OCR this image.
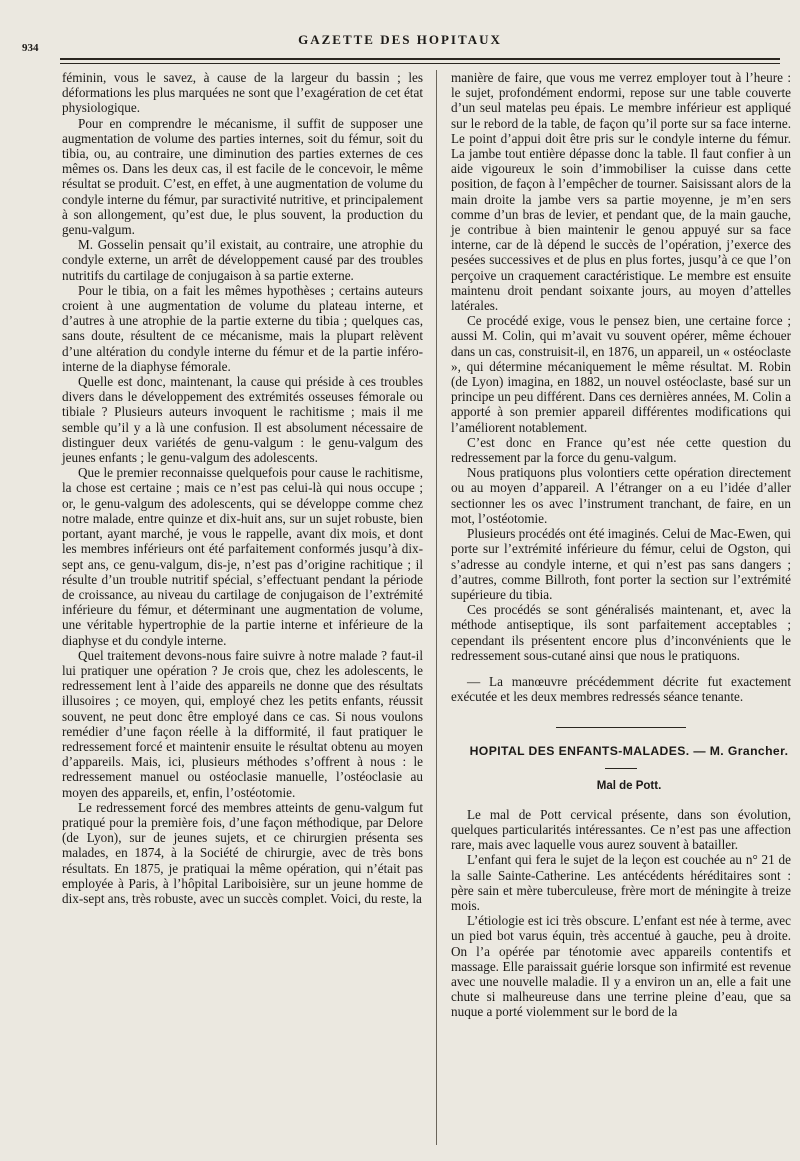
934
GAZETTE DES HOPITAUX

féminin, vous le savez, à cause de la largeur du bassin ; les déformations les plus marquées ne sont que l’exagération de cet état physiologique.

Pour en comprendre le mécanisme, il suffit de supposer une augmentation de volume des parties internes, soit du fémur, soit du tibia, ou, au contraire, une diminution des parties externes de ces mêmes os. Dans les deux cas, il est facile de le concevoir, le même résultat se produit. C’est, en effet, à une augmentation de volume du condyle interne du fémur, par suractivité nutritive, et principalement à son allongement, qu’est due, le plus souvent, la production du genu-valgum.

M. Gosselin pensait qu’il existait, au contraire, une atrophie du condyle externe, un arrêt de développement causé par des troubles nutritifs du cartilage de conjugaison à sa partie externe.

Pour le tibia, on a fait les mêmes hypothèses ; certains auteurs croient à une augmentation de volume du plateau interne, et d’autres à une atrophie de la partie externe du tibia ; quelques cas, sans doute, résultent de ce mécanisme, mais la plupart relèvent d’une altération du condyle interne du fémur et de la partie inféro-interne de la diaphyse fémorale.

Quelle est donc, maintenant, la cause qui préside à ces troubles divers dans le développement des extrémités osseuses fémorale ou tibiale ? Plusieurs auteurs invoquent le rachitisme ; mais il me semble qu’il y a là une confusion. Il est absolument nécessaire de distinguer deux variétés de genu-valgum : le genu-valgum des jeunes enfants ; le genu-valgum des adolescents.

Que le premier reconnaisse quelquefois pour cause le rachitisme, la chose est certaine ; mais ce n’est pas celui-là qui nous occupe ; or, le genu-valgum des adolescents, qui se développe comme chez notre malade, entre quinze et dix-huit ans, sur un sujet robuste, bien portant, ayant marché, je vous le rappelle, avant dix mois, et dont les membres inférieurs ont été parfaitement conformés jusqu’à dix-sept ans, ce genu-valgum, dis-je, n’est pas d’origine rachitique ; il résulte d’un trouble nutritif spécial, s’effectuant pendant la période de croissance, au niveau du cartilage de conjugaison de l’extrémité inférieure du fémur, et déterminant une augmentation de volume, une véritable hypertrophie de la partie interne et inférieure de la diaphyse et du condyle interne.

Quel traitement devons-nous faire suivre à notre malade ? faut-il lui pratiquer une opération ? Je crois que, chez les adolescents, le redressement lent à l’aide des appareils ne donne que des résultats illusoires ; ce moyen, qui, employé chez les petits enfants, réussit souvent, ne peut donc être employé dans ce cas. Si nous voulons remédier d’une façon réelle à la difformité, il faut pratiquer le redressement forcé et maintenir ensuite le résultat obtenu au moyen d’appareils. Mais, ici, plusieurs méthodes s’offrent à nous : le redressement manuel ou ostéoclasie manuelle, l’ostéoclasie au moyen des appareils, et, enfin, l’ostéotomie.

Le redressement forcé des membres atteints de genu-valgum fut pratiqué pour la première fois, d’une façon méthodique, par Delore (de Lyon), sur de jeunes sujets, et ce chirurgien présenta ses malades, en 1874, à la Société de chirurgie, avec de très bons résultats. En 1875, je pratiquai la même opération, qui n’était pas employée à Paris, à l’hôpital Lariboisière, sur un jeune homme de dix-sept ans, très robuste, avec un succès complet. Voici, du reste, la

manière de faire, que vous me verrez employer tout à l’heure : le sujet, profondément endormi, repose sur une table couverte d’un seul matelas peu épais. Le membre inférieur est appliqué sur le rebord de la table, de façon qu’il porte sur sa face interne. Le point d’appui doit être pris sur le condyle interne du fémur. La jambe tout entière dépasse donc la table. Il faut confier à un aide vigoureux le soin d’immobiliser la cuisse dans cette position, de façon à l’empêcher de tourner. Saisissant alors de la main droite la jambe vers sa partie moyenne, je m’en sers comme d’un bras de levier, et pendant que, de la main gauche, je contribue à bien maintenir le genou appuyé sur sa face interne, car de là dépend le succès de l’opération, j’exerce des pesées successives et de plus en plus fortes, jusqu’à ce que l’on perçoive un craquement caractéristique. Le membre est ensuite maintenu droit pendant soixante jours, au moyen d’attelles latérales.

Ce procédé exige, vous le pensez bien, une certaine force ; aussi M. Colin, qui m’avait vu souvent opérer, même échouer dans un cas, construisit-il, en 1876, un appareil, un « ostéoclaste », qui détermine mécaniquement le même résultat. M. Robin (de Lyon) imagina, en 1882, un nouvel ostéoclaste, basé sur un principe un peu différent. Dans ces dernières années, M. Colin a apporté à son premier appareil différentes modifications qui l’améliorent notablement.

C’est donc en France qu’est née cette question du redressement par la force du genu-valgum.

Nous pratiquons plus volontiers cette opération directement ou au moyen d’appareil. A l’étranger on a eu l’idée d’aller sectionner les os avec l’instrument tranchant, de faire, en un mot, l’ostéotomie.

Plusieurs procédés ont été imaginés. Celui de Mac-Ewen, qui porte sur l’extrémité inférieure du fémur, celui de Ogston, qui s’adresse au condyle interne, et qui n’est pas sans dangers ; d’autres, comme Billroth, font porter la section sur l’extrémité supérieure du tibia.

Ces procédés se sont généralisés maintenant, et, avec la méthode antiseptique, ils sont parfaitement acceptables ; cependant ils présentent encore plus d’inconvénients que le redressement sous-cutané ainsi que nous le pratiquons.

— La manœuvre précédemment décrite fut exactement exécutée et les deux membres redressés séance tenante.

HOPITAL DES ENFANTS-MALADES. — M. Grancher.

Mal de Pott.

Le mal de Pott cervical présente, dans son évolution, quelques particularités intéressantes. Ce n’est pas une affection rare, mais avec laquelle vous aurez souvent à batailler.

L’enfant qui fera le sujet de la leçon est couchée au n° 21 de la salle Sainte-Catherine. Les antécédents héréditaires sont : père sain et mère tuberculeuse, frère mort de méningite à treize mois.

L’étiologie est ici très obscure. L’enfant est née à terme, avec un pied bot varus équin, très accentué à gauche, peu à droite. On l’a opérée par ténotomie avec appareils contentifs et massage. Elle paraissait guérie lorsque son infirmité est revenue avec une nouvelle maladie. Il y a environ un an, elle a fait une chute si malheureuse dans une terrine pleine d’eau, que sa nuque a porté violemment sur le bord de la
